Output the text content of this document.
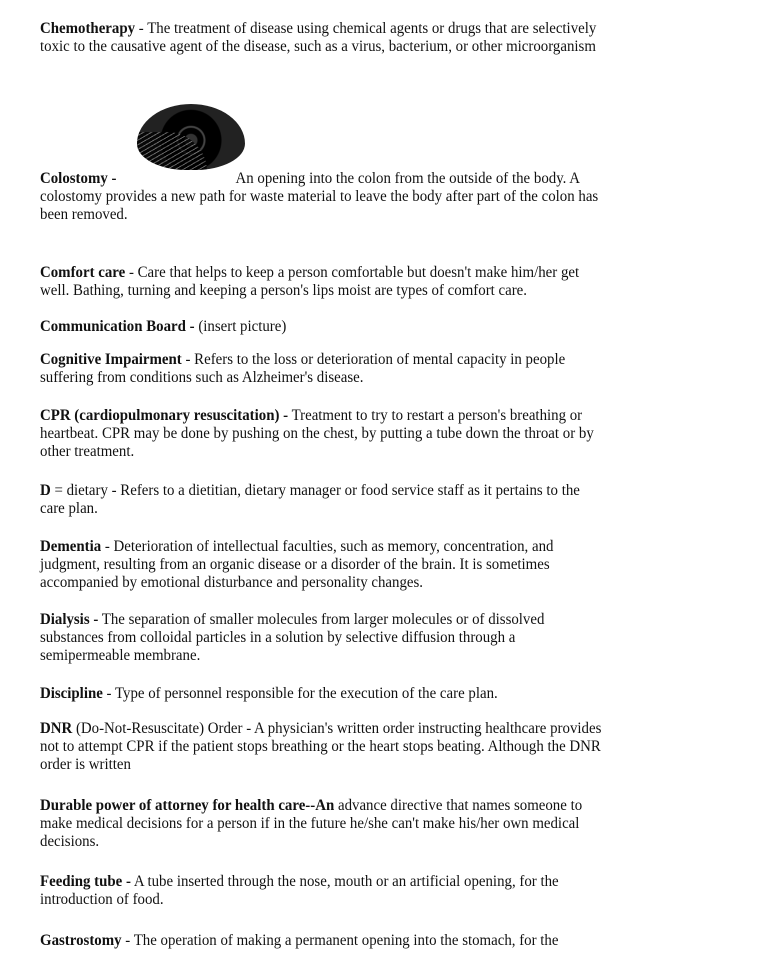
Chemotherapy - The treatment of disease using chemical agents or drugs that are selectively
toxic to the causative agent of the disease, such as a virus, bacterium, or other microorganism
Colostomy -	An opening into the colon from the outside of the body. A
colostomy provides a new path for waste material to leave the body after part of the colon has
been removed.
Comfort care - Care that helps to keep a person comfortable but doesn't make him/her get
well. Bathing, turning and keeping a person's lips moist are types of comfort care.
Communication Board - (insert picture)
Cognitive Impairment - Refers to the loss or deterioration of mental capacity in people
suffering from conditions such as Alzheimer's disease.
CPR (cardiopulmonary resuscitation) - Treatment to try to restart a person's breathing or
heartbeat. CPR may be done by pushing on the chest, by putting a tube down the throat or by
other treatment.
D = dietary - Refers to a dietitian, dietary manager or food service staff as it pertains to the
care plan.
Dementia - Deterioration of intellectual faculties, such as memory, concentration, and
judgment, resulting from an organic disease or a disorder of the brain. It is sometimes
accompanied by emotional disturbance and personality changes.
Dialysis - The separation of smaller molecules from larger molecules or of dissolved
substances from colloidal particles in a solution by selective diffusion through a
semipermeable membrane.
Discipline - Type of personnel responsible for the execution of the care plan.
DNR (Do-Not-Resuscitate) Order - A physician's written order instructing healthcare provides
not to attempt CPR if the patient stops breathing or the heart stops beating. Although the DNR
order is written
Durable power of attorney for health care--An advance directive that names someone to
make medical decisions for a person if in the future he/she can't make his/her own medical
decisions.
Feeding tube - A tube inserted through the nose, mouth or an artificial opening, for the
introduction of food.
Gastrostomy - The operation of making a permanent opening into the stomach, for the
